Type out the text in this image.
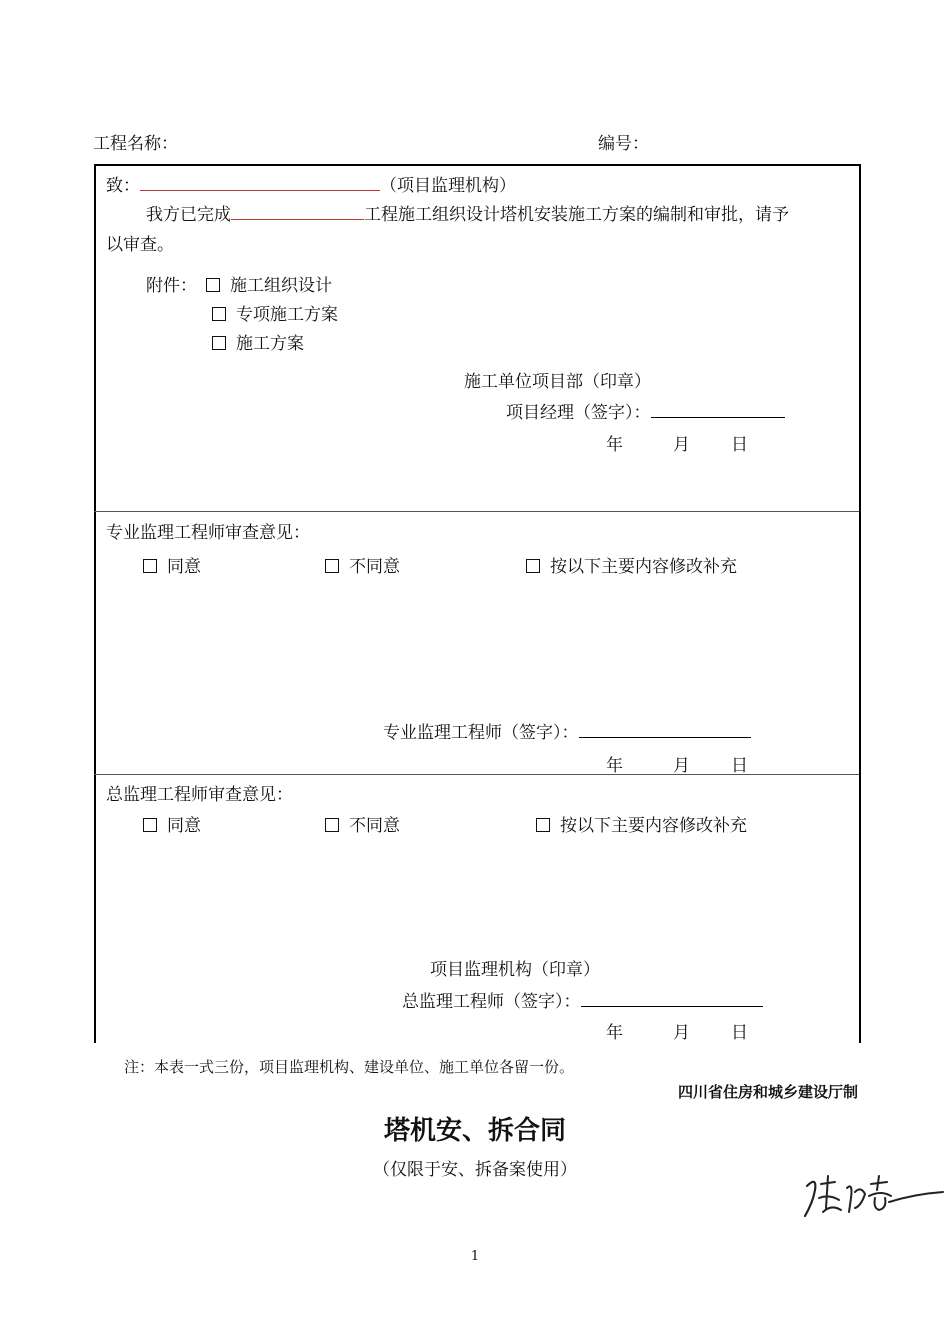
工程名称：	编号：
致：	（项目监理机构）
我方已完成	工程施工组织设计塔机安装施工方案的编制和审批，请予
以审查。
附件：	施工组织设计
专项施工方案
施工方案
施工单位项目部（印章）
项目经理（签字）：
年	月 日
专业监理工程师审查意见：
同意	不同意	按以下主要内容修改补充
专业监理工程师（签字）：
年	月 日
总监理工程师审查意见：
同意	不同意	按以下主要内容修改补充
项目监理机构（印章）
总监理工程师（签字）：
年	月 日
注：本表一式三份，项目监理机构、建设单位、施工单位各留一份。
四川省住房和城乡建设厅制
塔机安、拆合同
（仅限于安、拆备案使用）
1
